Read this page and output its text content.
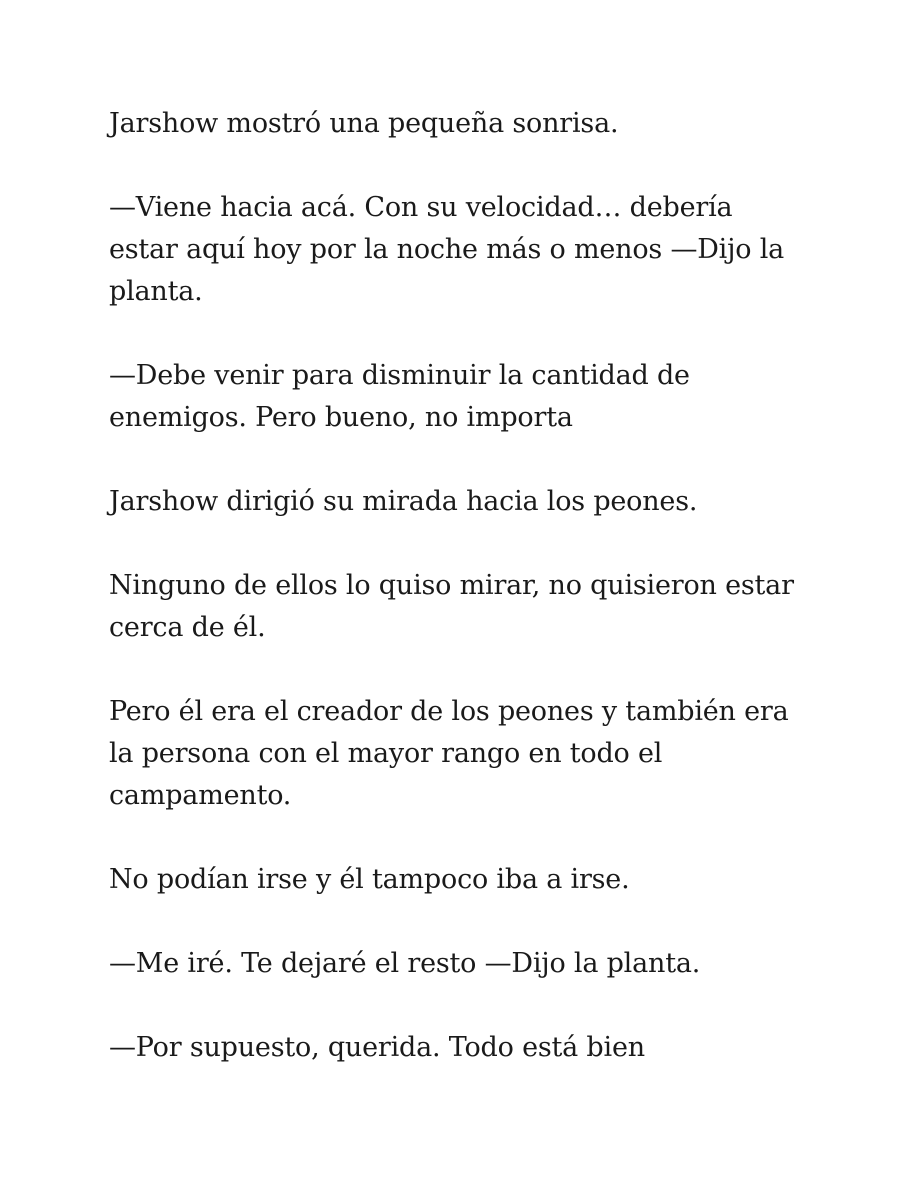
Jarshow mostró una pequeña sonrisa.

—Viene hacia acá. Con su velocidad… debería estar aquí hoy por la noche más o menos —Dijo la planta.

—Debe venir para disminuir la cantidad de enemigos. Pero bueno, no importa

Jarshow dirigió su mirada hacia los peones.

Ninguno de ellos lo quiso mirar, no quisieron estar cerca de él.

Pero él era el creador de los peones y también era la persona con el mayor rango en todo el campamento.

No podían irse y él tampoco iba a irse.

—Me iré. Te dejaré el resto —Dijo la planta.

—Por supuesto, querida. Todo está bien
